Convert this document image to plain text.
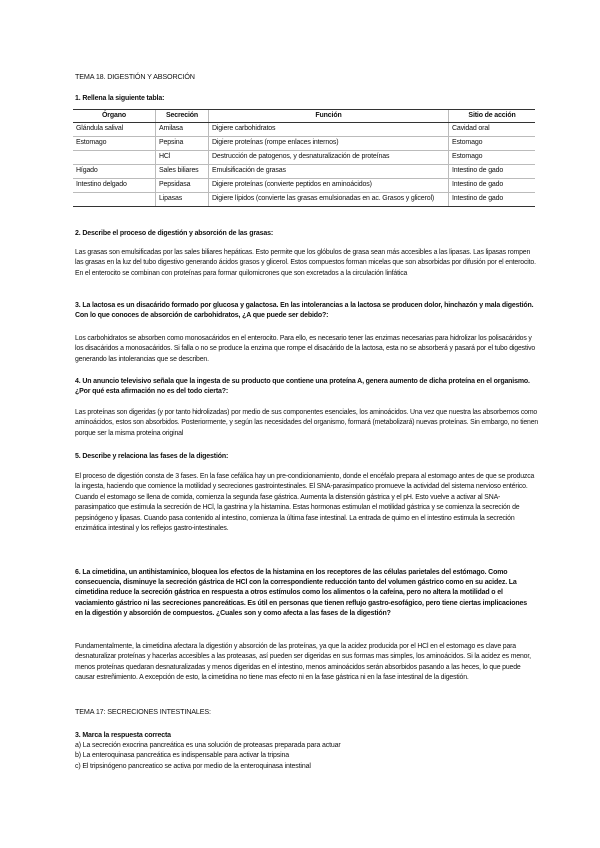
TEMA 18. DIGESTIÓN Y ABSORCIÓN
1. Rellena la siguiente tabla:
Órgano	Secreción	Función	Sitio de acción
Glándula salival	Amilasa	Digiere carbohidratos	Cavidad oral
Estomago	Pepsina	Digiere proteínas (rompe enlaces internos)	Estomago
	HCl	Destrucción de patogenos, y desnaturalización de proteínas	Estomago
Hígado	Sales biliares	Emulsificación de grasas	Intestino de gado
Intestino delgado	Pepsidasa	Digiere proteínas (convierte peptidos en aminoácidos)	Intestino de gado
	Lipasas	Digiere lípidos (convierte las grasas emulsionadas en ac. Grasos y glicerol)	Intestino de gado
2. Describe el proceso de digestión y absorción de las grasas:
Las grasas son emulsificadas por las sales biliares hepáticas. Esto permite que los glóbulos de grasa sean más accesibles a las lipasas. Las lipasas rompen las grasas en la luz del tubo digestivo generando ácidos grasos y glicerol. Estos compuestos forman micelas que son absorbidas por difusión por el enterocito. En el enterocito se combinan con proteínas para formar quilomicrones que son excretados a la circulación linfática
3. La lactosa es un disacárido formado por glucosa y galactosa. En las intolerancias a la lactosa se producen dolor, hinchazón y mala digestión. Con lo que conoces de absorción de carbohidratos, ¿A que puede ser debido?:
Los carbohidratos se absorben como monosacáridos en el enterocito. Para ello, es necesario tener las enzimas necesarias para hidrolizar los polisacáridos y los disacáridos a monosacáridos. Si falla o no se produce la enzima que rompe el disacárido de la lactosa, esta no se absorberá y pasará por el tubo digestivo generando las intolerancias que se describen.
4. Un anuncio televisivo señala que la ingesta de su producto que contiene una proteína A, genera aumento de dicha proteína en el organismo. ¿Por qué esta afirmación no es del todo cierta?:
Las proteínas son digeridas (y por tanto hidrolizadas) por medio de sus componentes esenciales, los aminoácidos. Una vez que nuestra las absorbemos como aminoácidos, estos son absorbidos. Posteriormente, y según las necesidades del organismo, formará (metabolizará) nuevas proteínas. Sin embargo, no tienen porque ser la misma proteína original
5. Describe y relaciona las fases de la digestión:
El proceso de digestión consta de 3 fases. En la fase cefálica hay un pre-condicionamiento, donde el encéfalo prepara al estomago antes de que se produzca la ingesta, haciendo que comience la motilidad y secreciones gastrointestinales. El SNA-parasimpatico promueve la actividad del sistema nervioso entérico. Cuando el estomago se llena de comida, comienza la segunda fase gástrica. Aumenta la distensión gástrica y el pH. Esto vuelve a activar al SNA-parasimpatico que estimula la secreción de HCl, la gastrina y la histamina. Estas hormonas estimulan el motilidad gástrica y se comienza la secreción de pepsinógeno y lipasas. Cuando pasa contenido al intestino, comienza la última fase intestinal. La entrada de quimo en el intestino estimula la secreción enzimática intestinal y los reflejos gastro-intestinales.
6. La cimetidina, un antihistamínico, bloquea los efectos de la histamina en los receptores de las células parietales del estómago. Como consecuencia, disminuye la secreción gástrica de HCl con la correspondiente reducción tanto del volumen gástrico como en su acidez. La cimetidina reduce la secreción gástrica en respuesta a otros estímulos como los alimentos o la cafeína, pero no altera la motilidad o el vaciamiento gástrico ni las secreciones pancreáticas. Es útil en personas que tienen reflujo gastro-esofágico, pero tiene ciertas implicaciones en la digestión y absorción de compuestos. ¿Cuales son y como afecta a las fases de la digestión?
Fundamentalmente, la cimetidina afectara la digestión y absorción de las proteínas, ya que la acidez producida por el HCl en el estomago es clave para desnaturalizar proteínas y hacerlas accesibles a las proteasas, así pueden ser digeridas en sus formas mas simples, los aminoácidos. Si la acidez es menor, menos proteínas quedaran desnaturalizadas y menos digeridas en el intestino, menos aminoácidos serán absorbidos pasando a las heces, lo que puede causar estreñimiento. A excepción de esto, la cimetidina no tiene mas efecto ni en la fase gástrica ni en la fase intestinal de la digestión.
TEMA 17: SECRECIONES INTESTINALES:
3. Marca la respuesta correcta
a) La secreción exocrina pancreática es una solución de proteasas preparada para actuar
b) La enteroquinasa pancreática es indispensable para activar la tripsina
c) El tripsinógeno pancreatico se activa por medio de la enteroquinasa intestinal
